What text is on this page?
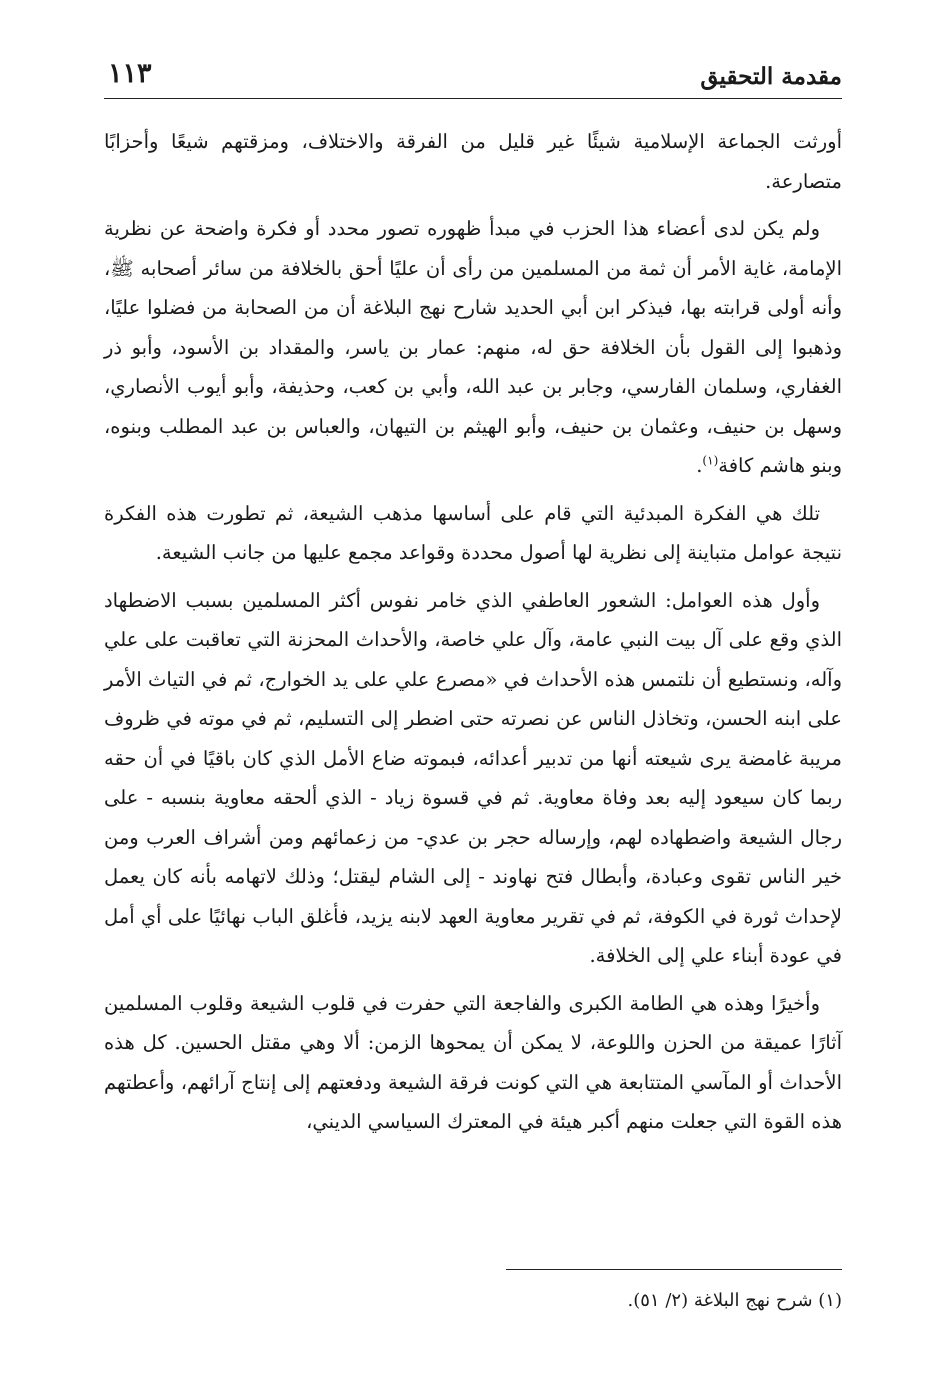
مقدمة التحقيق
١١٣

أورثت الجماعة الإسلامية شيئًا غير قليل من الفرقة والاختلاف، ومزقتهم شيعًا وأحزابًا متصارعة.

ولم يكن لدى أعضاء هذا الحزب في مبدأ ظهوره تصور محدد أو فكرة واضحة عن نظرية الإمامة، غاية الأمر أن ثمة من المسلمين من رأى أن عليًا أحق بالخلافة من سائر أصحابه ﷺ، وأنه أولى قرابته بها، فيذكر ابن أبي الحديد شارح نهج البلاغة أن من الصحابة من فضلوا عليًا، وذهبوا إلى القول بأن الخلافة حق له، منهم: عمار بن ياسر، والمقداد بن الأسود، وأبو ذر الغفاري، وسلمان الفارسي، وجابر بن عبد الله، وأبي بن كعب، وحذيفة، وأبو أيوب الأنصاري، وسهل بن حنيف، وعثمان بن حنيف، وأبو الهيثم بن التيهان، والعباس بن عبد المطلب وبنوه، وبنو هاشم كافة$^{(١)}$.

تلك هي الفكرة المبدئية التي قام على أساسها مذهب الشيعة، ثم تطورت هذه الفكرة نتيجة عوامل متباينة إلى نظرية لها أصول محددة وقواعد مجمع عليها من جانب الشيعة.

وأول هذه العوامل: الشعور العاطفي الذي خامر نفوس أكثر المسلمين بسبب الاضطهاد الذي وقع على آل بيت النبي عامة، وآل علي خاصة، والأحداث المحزنة التي تعاقبت على علي وآله، ونستطيع أن نلتمس هذه الأحداث في «مصرع علي على يد الخوارج، ثم في التياث الأمر على ابنه الحسن، وتخاذل الناس عن نصرته حتى اضطر إلى التسليم، ثم في موته في ظروف مريبة غامضة يرى شيعته أنها من تدبير أعدائه، فبموته ضاع الأمل الذي كان باقيًا في أن حقه ربما كان سيعود إليه بعد وفاة معاوية. ثم في قسوة زياد - الذي ألحقه معاوية بنسبه - على رجال الشيعة واضطهاده لهم، وإرساله حجر بن عدي- من زعمائهم ومن أشراف العرب ومن خير الناس تقوى وعبادة، وأبطال فتح نهاوند - إلى الشام ليقتل؛ وذلك لاتهامه بأنه كان يعمل لإحداث ثورة في الكوفة، ثم في تقرير معاوية العهد لابنه يزيد، فأغلق الباب نهائيًا على أي أمل في عودة أبناء علي إلى الخلافة.

وأخيرًا وهذه هي الطامة الكبرى والفاجعة التي حفرت في قلوب الشيعة وقلوب المسلمين آثارًا عميقة من الحزن واللوعة، لا يمكن أن يمحوها الزمن: ألا وهي مقتل الحسين. كل هذه الأحداث أو المآسي المتتابعة هي التي كونت فرقة الشيعة ودفعتهم إلى إنتاج آرائهم، وأعطتهم هذه القوة التي جعلت منهم أكبر هيئة في المعترك السياسي الديني،

(١) شرح نهج البلاغة (٢/ ٥١).
